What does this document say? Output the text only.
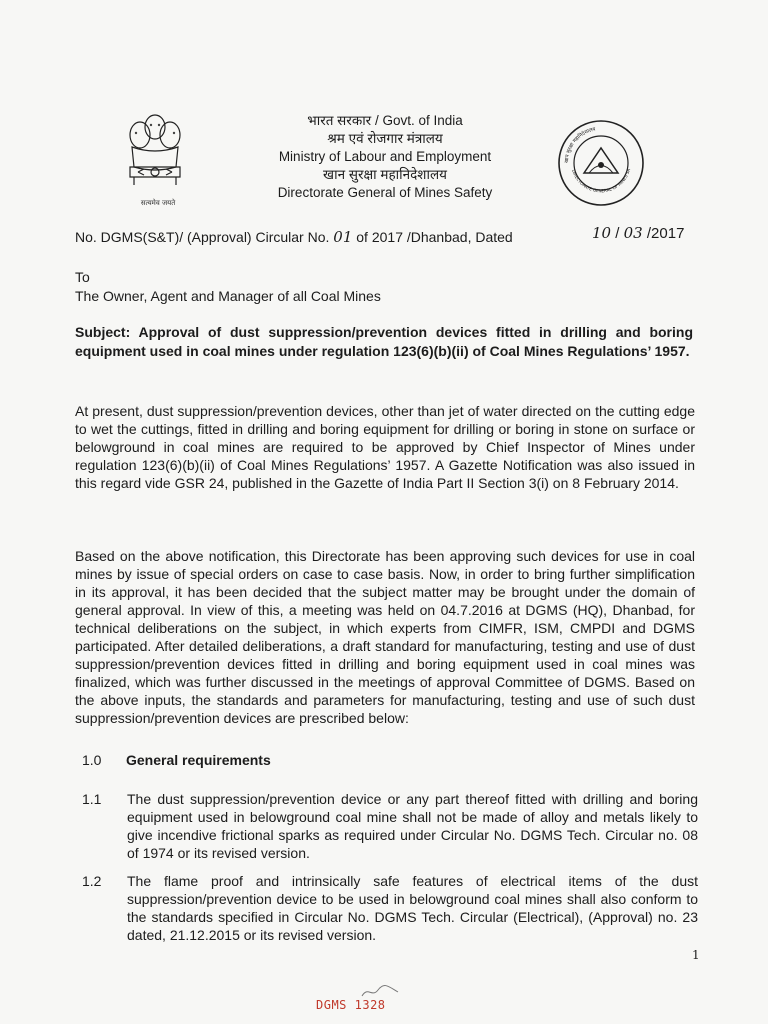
सत्यमेव जयते
भारत सरकार / Govt. of India
श्रम एवं रोजगार मंत्रालय
Ministry of Labour and Employment
खान सुरक्षा महानिदेशालय
Directorate General of Mines Safety
खान सुरक्षा महानिदेशालय
DIRECTORATE GENERAL OF MINES SA
No. DGMS(S&T)/ (Approval) Circular No. 01 of 2017 /Dhanbad, Dated	10 / 03 /2017
To
The Owner, Agent and Manager of all Coal Mines
Subject: Approval of dust suppression/prevention devices fitted in drilling and boring equipment used in coal mines under regulation 123(6)(b)(ii) of Coal Mines Regulations’ 1957.

At present, dust suppression/prevention devices, other than jet of water directed on the cutting edge to wet the cuttings, fitted in drilling and boring equipment for drilling or boring in stone on surface or belowground in coal mines are required to be approved by Chief Inspector of Mines under regulation 123(6)(b)(ii) of Coal Mines Regulations’ 1957. A Gazette Notification was also issued in this regard vide GSR 24, published in the Gazette of India Part II Section 3(i) on 8 February 2014.

Based on the above notification, this Directorate has been approving such devices for use in coal mines by issue of special orders on case to case basis. Now, in order to bring further simplification in its approval, it has been decided that the subject matter may be brought under the domain of general approval. In view of this, a meeting was held on 04.7.2016 at DGMS (HQ), Dhanbad, for technical deliberations on the subject, in which experts from CIMFR, ISM, CMPDI and DGMS participated. After detailed deliberations, a draft standard for manufacturing, testing and use of dust suppression/prevention devices fitted in drilling and boring equipment used in coal mines was finalized, which was further discussed in the meetings of approval Committee of DGMS. Based on the above inputs, the standards and parameters for manufacturing, testing and use of such dust suppression/prevention devices are prescribed below:

1.0 General requirements
1.1 The dust suppression/prevention device or any part thereof fitted with drilling and boring equipment used in belowground coal mine shall not be made of alloy and metals likely to give incendive frictional sparks as required under Circular No. DGMS Tech. Circular no. 08 of 1974 or its revised version.
1.2 The flame proof and intrinsically safe features of electrical items of the dust suppression/prevention device to be used in belowground coal mines shall also conform to the standards specified in Circular No. DGMS Tech. Circular (Electrical), (Approval) no. 23 dated, 21.12.2015 or its revised version.
1
DGMS 1328
